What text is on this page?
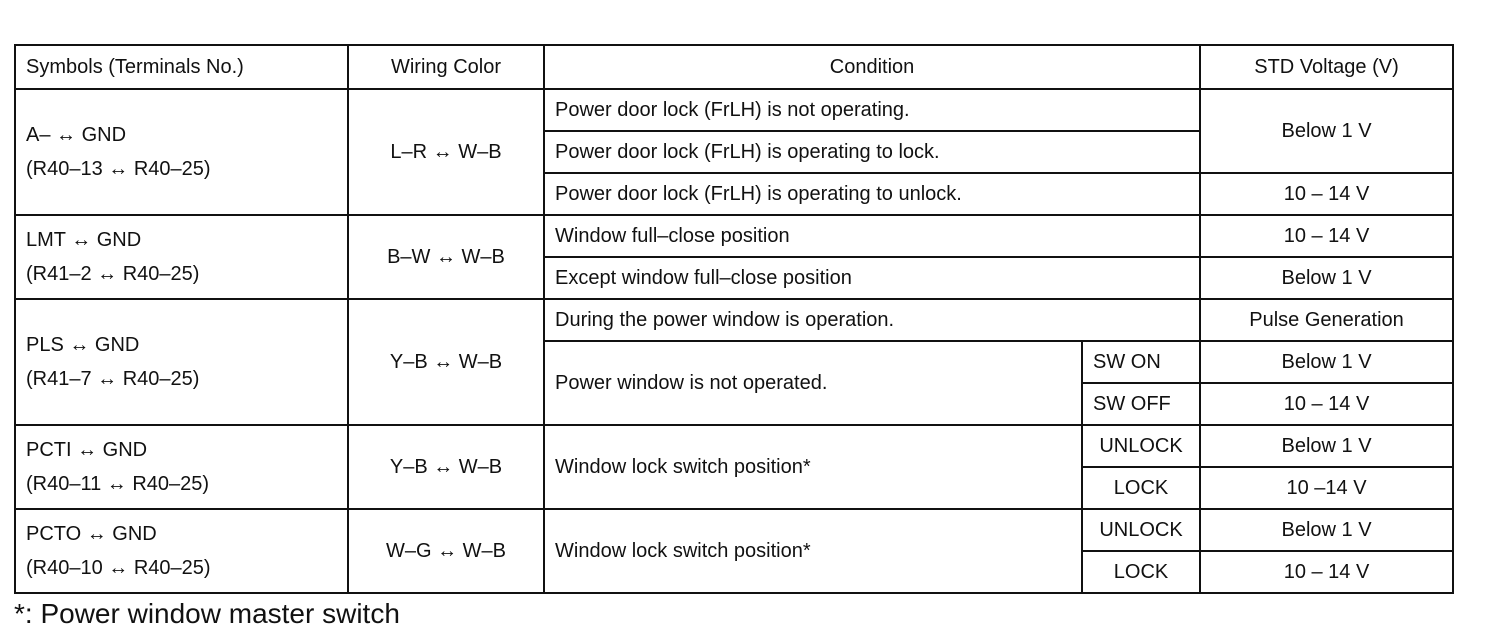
Symbols (Terminals No.)	Wiring Color	Condition		STD Voltage (V)

A– ↔ GND
(R40–13 ↔ R40–25)	L–R ↔ W–B	Power door lock (FrLH) is not operating.		Below 1 V
		Power door lock (FrLH) is operating to lock.		
		Power door lock (FrLH) is operating to unlock.		10 – 14 V

LMT ↔ GND
(R41–2 ↔ R40–25)	B–W ↔ W–B	Window full–close position		10 – 14 V
		Except window full–close position		Below 1 V

PLS ↔ GND
(R41–7 ↔ R40–25)	Y–B ↔ W–B	During the power window is operation.		Pulse Generation
		Power window is not operated.	SW ON	Below 1 V
			SW OFF	10 – 14 V

PCTI ↔ GND
(R40–11 ↔ R40–25)	Y–B ↔ W–B	Window lock switch position*	UNLOCK	Below 1 V
			LOCK	10 –14 V

PCTO ↔ GND
(R40–10 ↔ R40–25)	W–G ↔ W–B	Window lock switch position*	UNLOCK	Below 1 V
			LOCK	10 – 14 V
*: Power window master switch
